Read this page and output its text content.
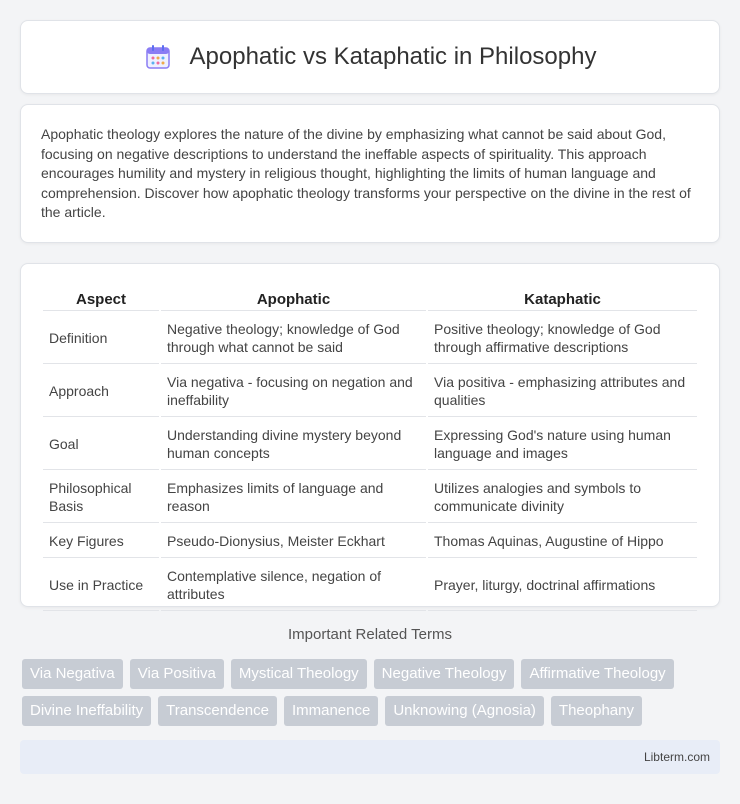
Apophatic vs Kataphatic in Philosophy

Apophatic theology explores the nature of the divine by emphasizing what cannot be said about God, focusing on negative descriptions to understand the ineffable aspects of spirituality. This approach encourages humility and mystery in religious thought, highlighting the limits of human language and comprehension. Discover how apophatic theology transforms your perspective on the divine in the rest of the article.

Aspect	Apophatic	Kataphatic
Definition	Negative theology; knowledge of God through what cannot be said	Positive theology; knowledge of God through affirmative descriptions
Approach	Via negativa - focusing on negation and ineffability	Via positiva - emphasizing attributes and qualities
Goal	Understanding divine mystery beyond human concepts	Expressing God's nature using human language and images
Philosophical Basis	Emphasizes limits of language and reason	Utilizes analogies and symbols to communicate divinity
Key Figures	Pseudo-Dionysius, Meister Eckhart	Thomas Aquinas, Augustine of Hippo
Use in Practice	Contemplative silence, negation of attributes	Prayer, liturgy, doctrinal affirmations
Important Related Terms
Via Negativa	Via Positiva	Mystical Theology	Negative Theology	Affirmative Theology
Divine Ineffability	Transcendence	Immanence	Unknowing (Agnosia)	Theophany
Libterm.com
